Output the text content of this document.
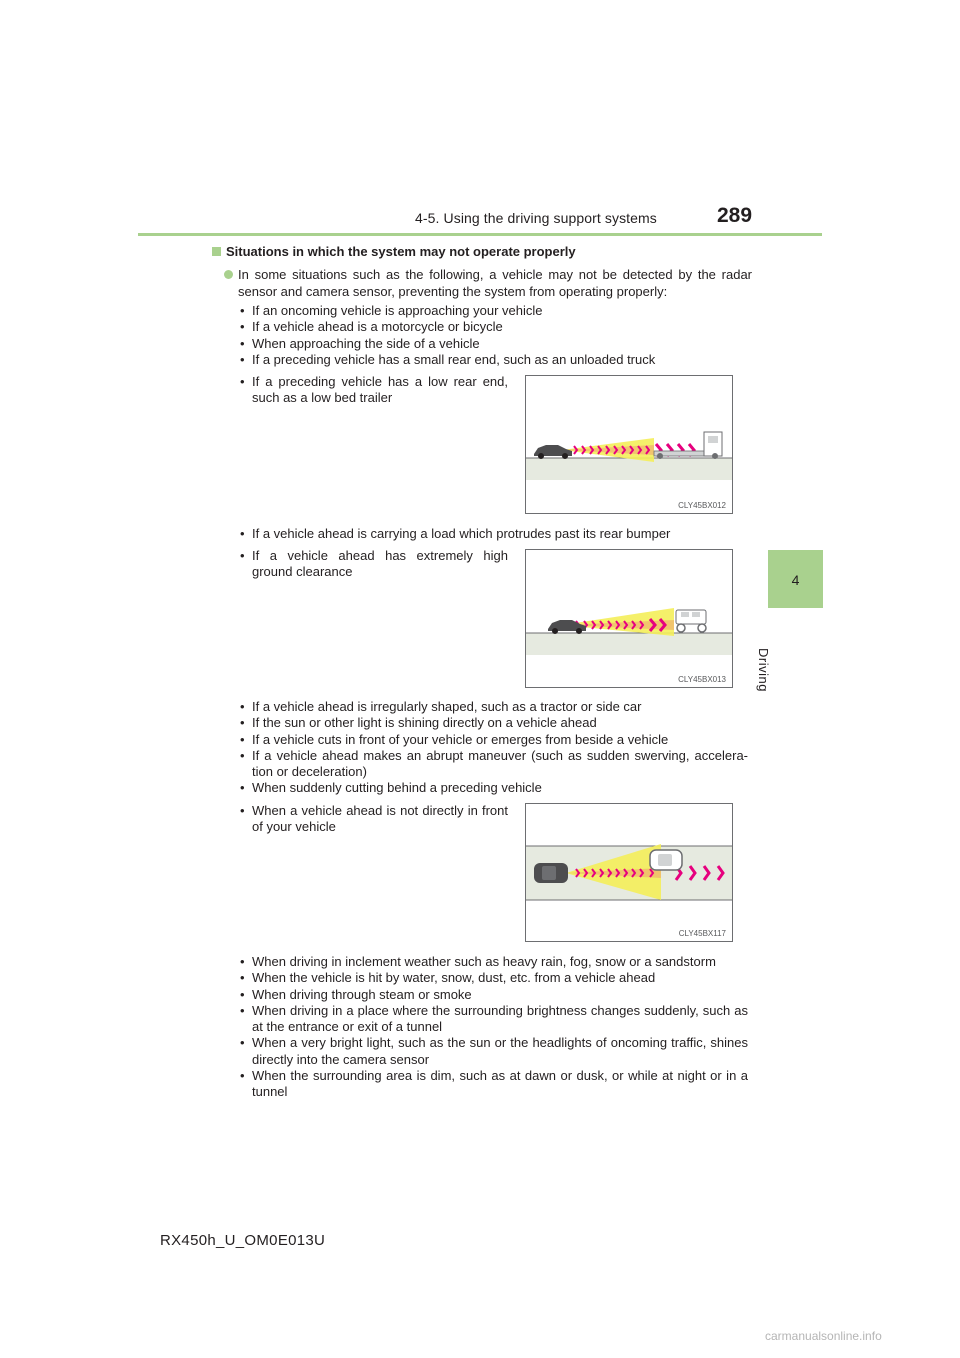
4-5. Using the driving support systems	289
4
Driving
Situations in which the system may not operate properly
In some situations such as the following, a vehicle may not be detected by the radar sensor and camera sensor, preventing the system from operating properly:
• If an oncoming vehicle is approaching your vehicle
• If a vehicle ahead is a motorcycle or bicycle
• When approaching the side of a vehicle
• If a preceding vehicle has a small rear end, such as an unloaded truck
• If a preceding vehicle has a low rear end, such as a low bed trailer
CLY45BX012
• If a vehicle ahead is carrying a load which protrudes past its rear bumper
• If a vehicle ahead has extremely high ground clearance
CLY45BX013
• If a vehicle ahead is irregularly shaped, such as a tractor or side car
• If the sun or other light is shining directly on a vehicle ahead
• If a vehicle cuts in front of your vehicle or emerges from beside a vehicle
• If a vehicle ahead makes an abrupt maneuver (such as sudden swerving, accelera-tion or deceleration)
• When suddenly cutting behind a preceding vehicle
• When a vehicle ahead is not directly in front of your vehicle
CLY45BX117
• When driving in inclement weather such as heavy rain, fog, snow or a sandstorm
• When the vehicle is hit by water, snow, dust, etc. from a vehicle ahead
• When driving through steam or smoke
• When driving in a place where the surrounding brightness changes suddenly, such as at the entrance or exit of a tunnel
• When a very bright light, such as the sun or the headlights of oncoming traffic, shines directly into the camera sensor
• When the surrounding area is dim, such as at dawn or dusk, or while at night or in a tunnel
RX450h_U_OM0E013U
carmanualsonline.info
